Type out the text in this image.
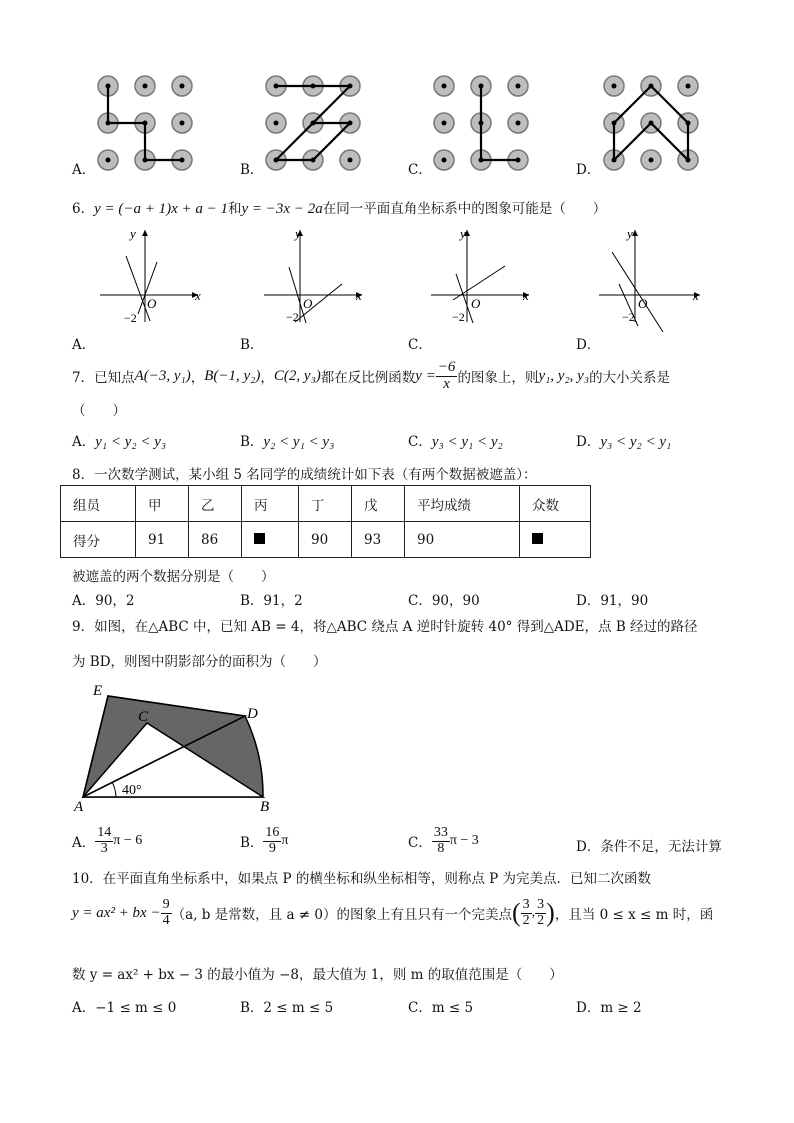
A．	B．	C．	D．
6．y = (−a + 1)x + a − 1和y = −3x − 2a在同一平面直角坐标系中的图象可能是（　　）
y
x
O
y
x
O
y
x
O
y
x
O
−2	−2	−2	−2
A．	B．	C．	D．
7．已知点 A(−3, y₁) ， B(−1, y₂) ， C(2, y₃) 都在反比例函数 $y = \frac{-6}{x}$ 的图象上，则 y₁, y₂, y₃ 的大小关系是
（　　）
A．y₁ < y₂ < y₃	B．y₂ < y₁ < y₃	C．y₃ < y₁ < y₂	D．y₃ < y₂ < y₁
8．一次数学测试，某小组 5 名同学的成绩统计如下表（有两个数据被遮盖）：
组员	甲	乙	丙	丁	戊	平均成绩	众数
得分	91	86		90	93	90	
被遮盖的两个数据分别是（　　）
A．90，2	B．91，2	C．90，90	D．91，90
9．如图，在△ABC 中，已知 AB = 4，将△ABC 绕点 A 逆时针旋转 40° 得到△ADE，点 B 经过的路径
为 BD，则图中阴影部分的面积为（　　）
E
C	D
A	B
40°
A． $\frac{14}{3}$ π − 6	B． $\frac{16}{9}$ π	C． $\frac{33}{8}$ π − 3	D．条件不足，无法计算
10．在平面直角坐标系中，如果点 P 的横坐标和纵坐标相等，则称点 P 为完美点．已知二次函数
y = ax² + bx − $\frac{9}{4} (a$, b 是常数，且 a ≠ 0）的图象上有且只有一个完美点 ( $\frac{3}{2}$ , $\frac{3}{2}$ ) ，且当 0 ≤ x ≤ m 时，函
数 y = ax² + bx − 3 的最小值为 −8，最大值为 1，则 m 的取值范围是（　　）
A．−1 ≤ m ≤ 0	B．2 ≤ m ≤ 5	C．m ≤ 5	D．m ≥ 2
